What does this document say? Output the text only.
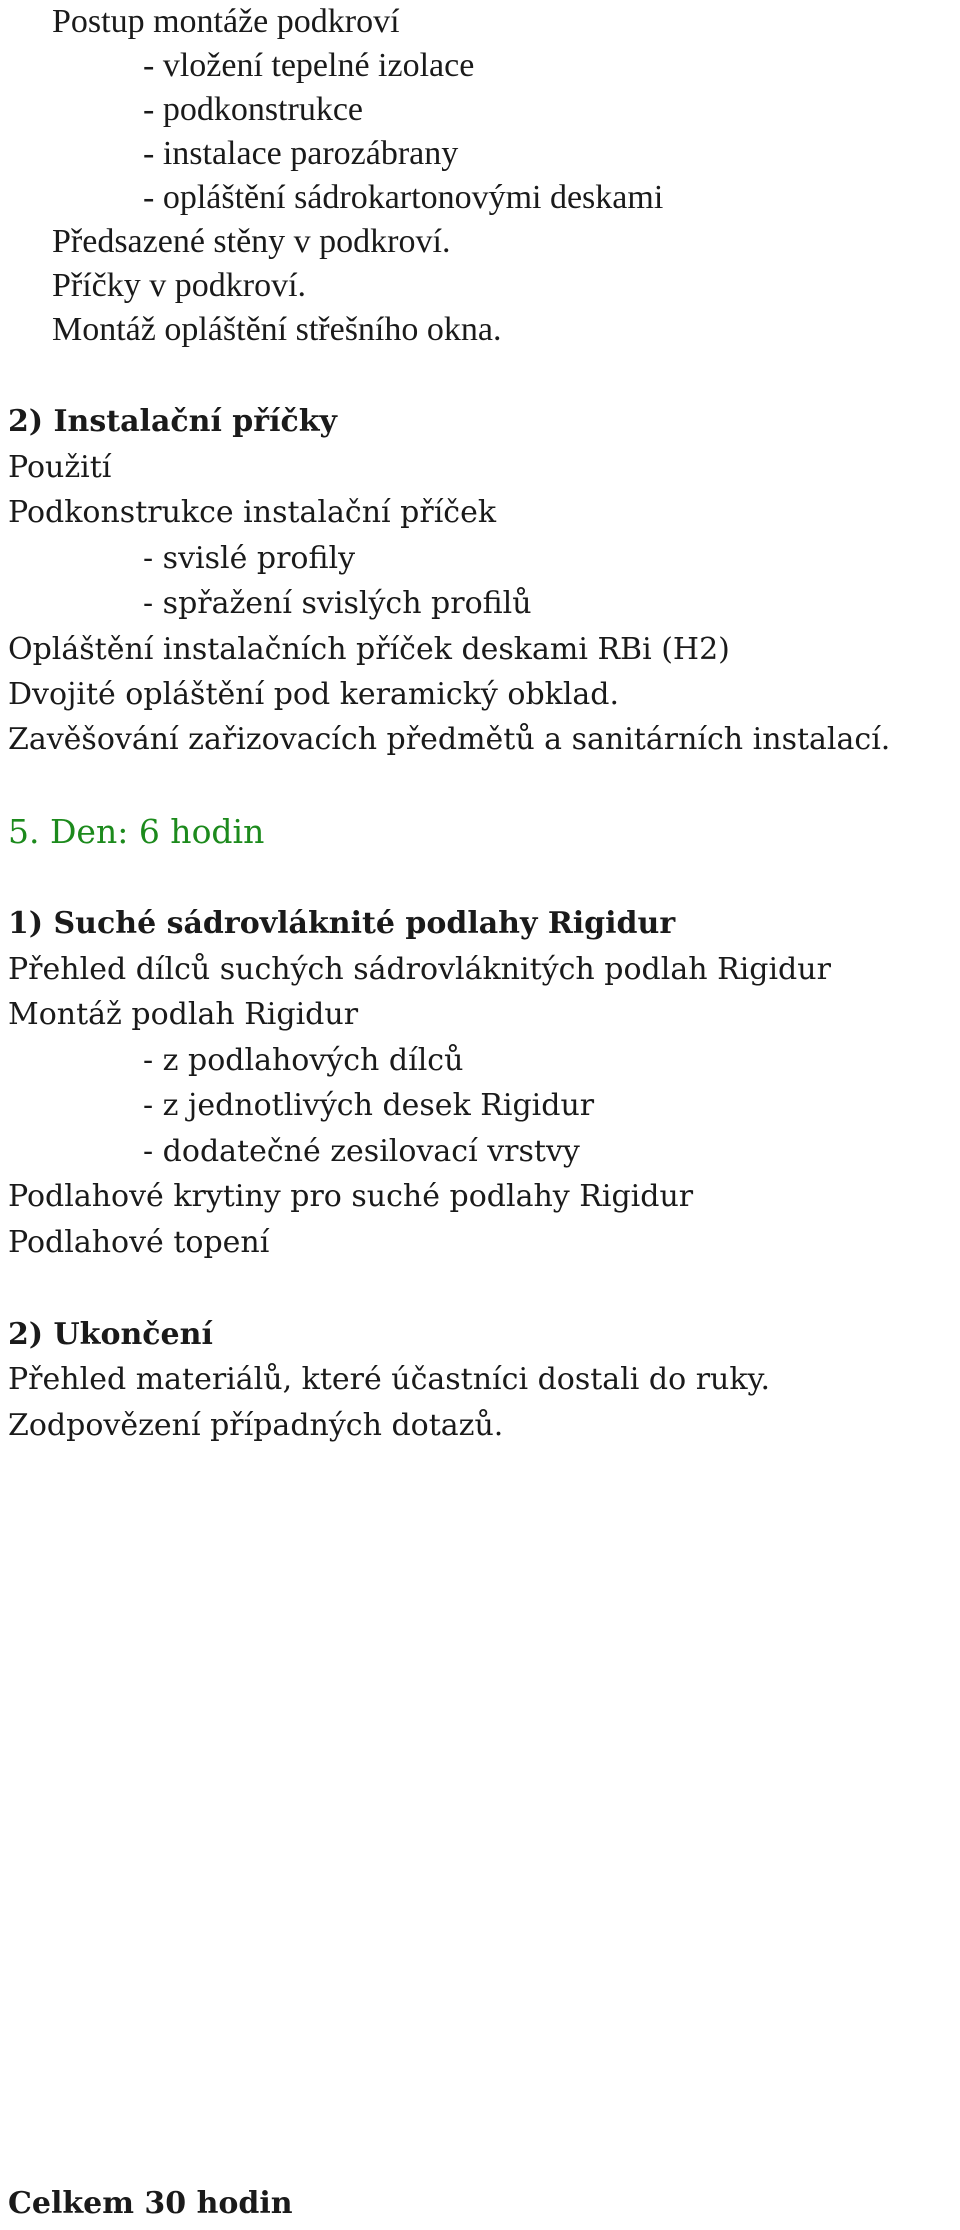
Postup montáže podkroví
- vložení tepelné izolace
- podkonstrukce
- instalace parozábrany
- opláštění sádrokartonovými deskami
Předsazené stěny v podkroví.
Příčky v podkroví.
Montáž opláštění střešního okna.
2) Instalační příčky
Použití
Podkonstrukce instalační příček
- svislé profily
- spřažení svislých profilů
Opláštění instalačních příček deskami RBi (H2)
Dvojité opláštění pod keramický obklad.
Zavěšování zařizovacích předmětů a sanitárních instalací.
5. Den: 6 hodin
1) Suché sádrovláknité podlahy Rigidur
Přehled dílců suchých sádrovláknitých podlah Rigidur
Montáž podlah Rigidur
- z podlahových dílců
- z jednotlivých desek Rigidur
- dodatečné zesilovací vrstvy
Podlahové krytiny pro suché podlahy Rigidur
Podlahové topení
2) Ukončení
Přehled materiálů, které účastníci dostali do ruky.
Zodpovězení případných dotazů.
Celkem 30 hodin
